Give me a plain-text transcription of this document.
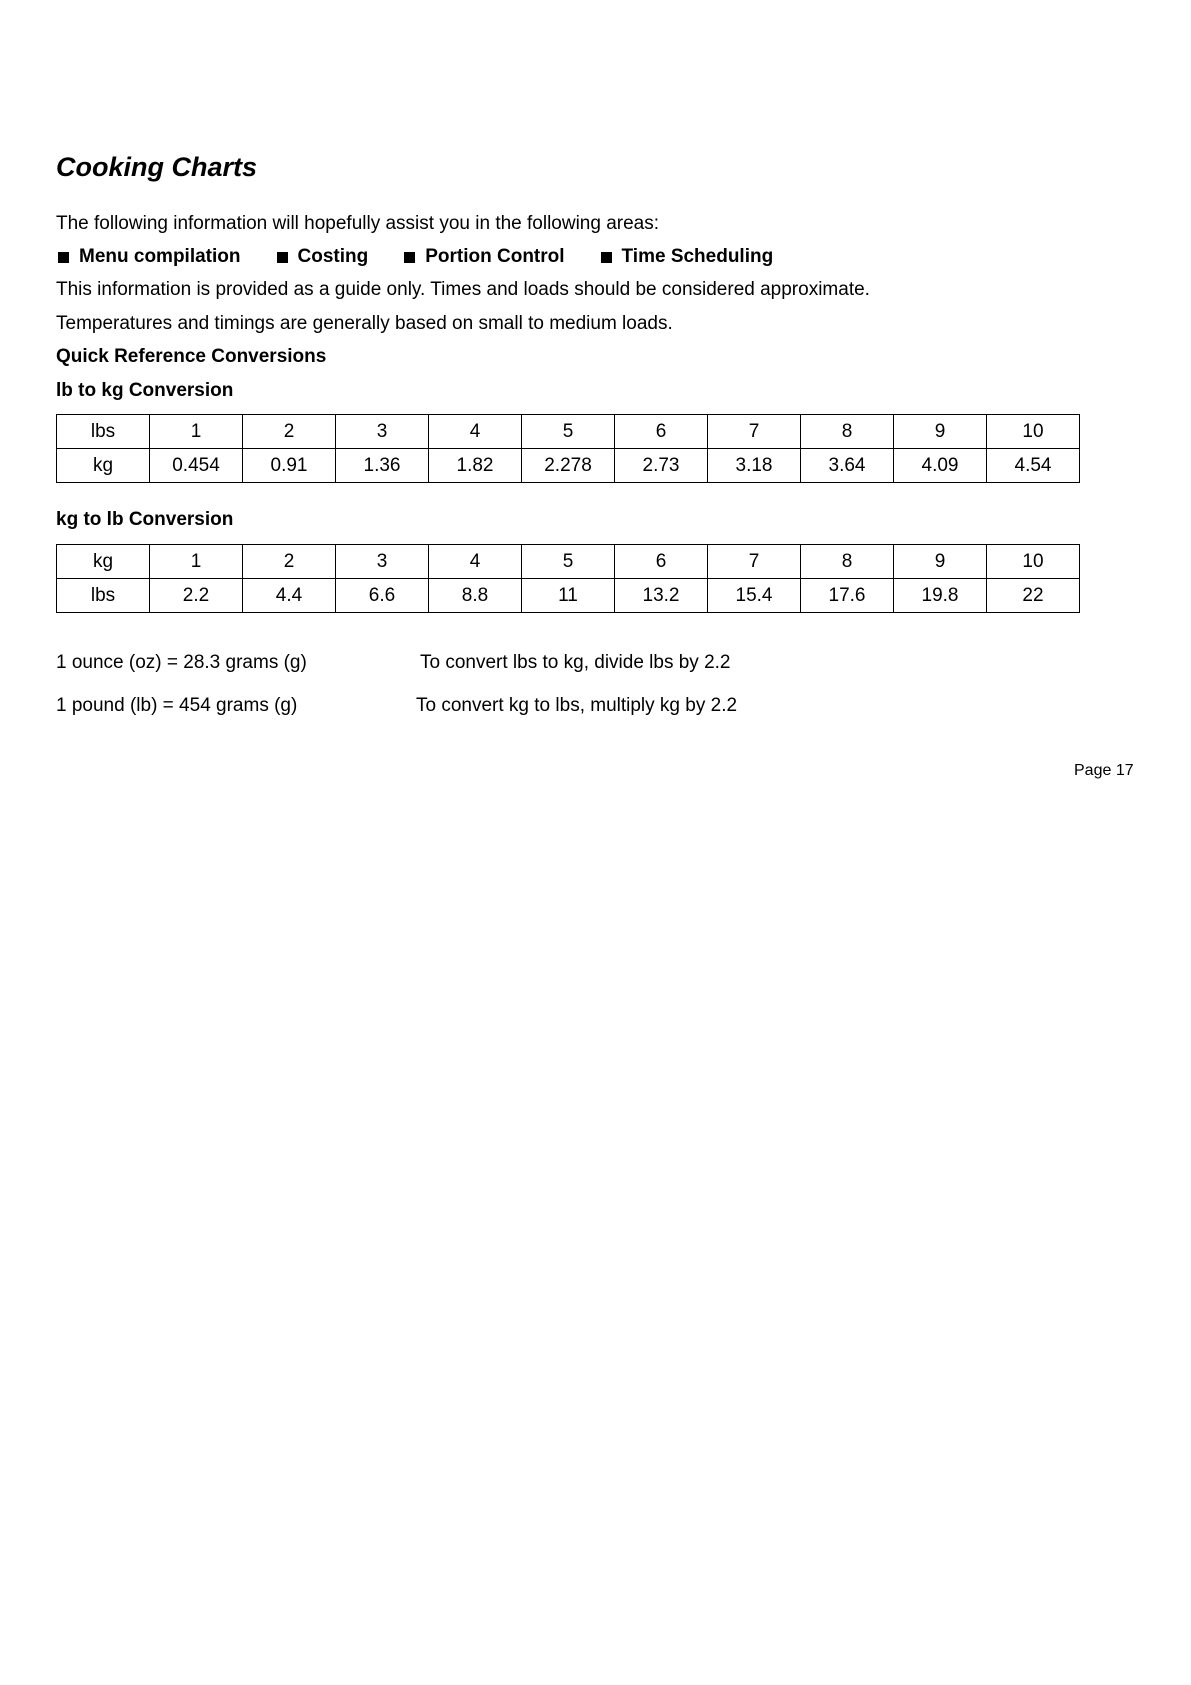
Cooking Charts
The following information will hopefully assist you in the following areas:
Menu compilation	Costing	Portion Control	Time Scheduling
This information is provided as a guide only. Times and loads should be considered approximate.
Temperatures and timings are generally based on small to medium loads.
Quick Reference Conversions
lb to kg Conversion
lbs	1	2	3	4	5	6	7	8	9	10
kg	0.454	0.91	1.36	1.82	2.278	2.73	3.18	3.64	4.09	4.54
kg to lb Conversion
kg	1	2	3	4	5	6	7	8	9	10
lbs	2.2	4.4	6.6	8.8	11	13.2	15.4	17.6	19.8	22
1 ounce (oz) = 28.3 grams (g)	To convert lbs to kg, divide lbs by 2.2
1 pound (lb) = 454 grams (g)	To convert kg to lbs, multiply kg by 2.2
Page 17
